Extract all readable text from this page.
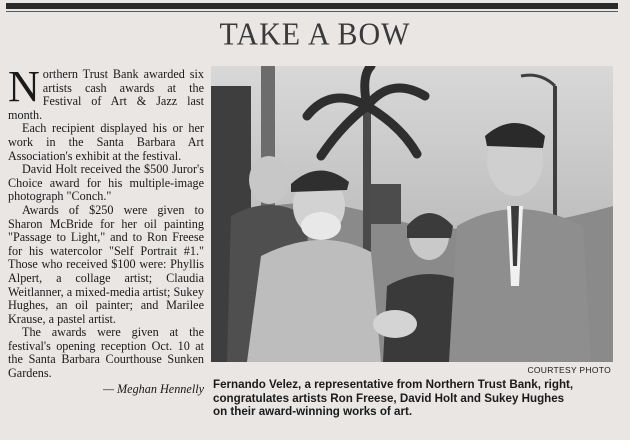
TAKE A BOW

Northern Trust Bank awarded six artists cash awards at the Festival of Art & Jazz last month.

Each recipient displayed his or her work in the Santa Barbara Art Association's exhibit at the festival.

David Holt received the $500 Juror's Choice award for his multiple-image photograph "Conch."

Awards of $250 were given to Sharon McBride for her oil painting "Passage to Light," and to Ron Freese for his watercolor "Self Portrait #1." Those who received $100 were: Phyllis Alpert, a collage artist; Claudia Weitlanner, a mixed-media artist; Sukey Hughes, an oil painter; and Marilee Krause, a pastel artist.

The awards were given at the festival's opening reception Oct. 10 at the Santa Barbara Courthouse Sunken Gardens.

— Meghan Hennelly

COURTESY PHOTO
Fernando Velez, a representative from Northern Trust Bank, right,
congratulates artists Ron Freese, David Holt and Sukey Hughes
on their award-winning works of art.
